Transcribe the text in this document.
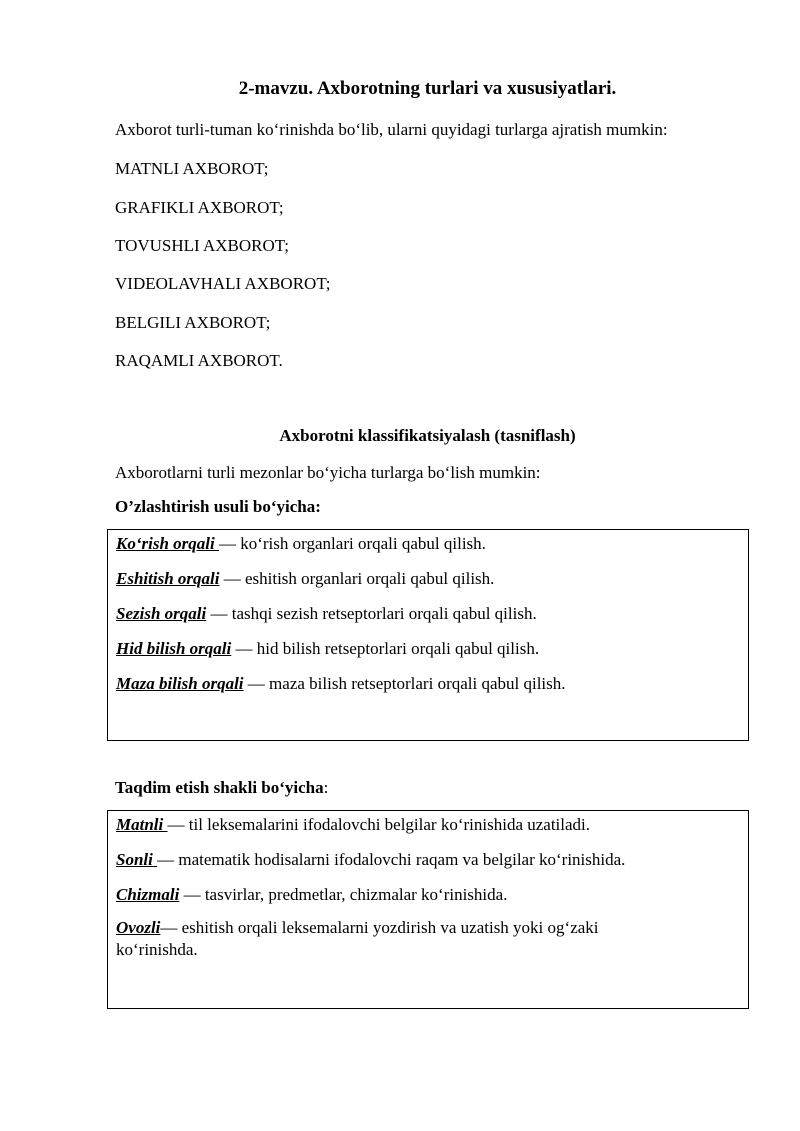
2-mavzu. Axborotning turlari va xususiyatlari.
Axborot turli-tuman ko‘rinishda bo‘lib, ularni quyidagi turlarga ajratish mumkin:
MATNLI AXBOROT;
GRAFIKLI AXBOROT;
TOVUSHLI AXBOROT;
VIDEOLAVHALI AXBOROT;
BELGILI AXBOROT;
RAQAMLI AXBOROT.
Axborotni klassifikatsiyalash (tasniflash)
Axborotlarni turli mezonlar bo‘yicha turlarga bo‘lish mumkin:
O’zlashtirish usuli bo‘yicha:
Ko‘rish orqali — ko‘rish organlari orqali qabul qilish.
Eshitish orqali — eshitish organlari orqali qabul qilish.
Sezish orqali — tashqi sezish retseptorlari orqali qabul qilish.
Hid bilish orqali — hid bilish retseptorlari orqali qabul qilish.
Maza bilish orqali — maza bilish retseptorlari orqali qabul qilish.
Taqdim etish shakli bo‘yicha:
Matnli — til leksemalarini ifodalovchi belgilar ko‘rinishida uzatiladi.
Sonli — matematik hodisalarni ifodalovchi raqam va belgilar ko‘rinishida.
Chizmali — tasvirlar, predmetlar, chizmalar ko‘rinishida.
Ovozli— eshitish orqali leksemalarni yozdirish va uzatish yoki og‘zaki ko‘rinishda.
